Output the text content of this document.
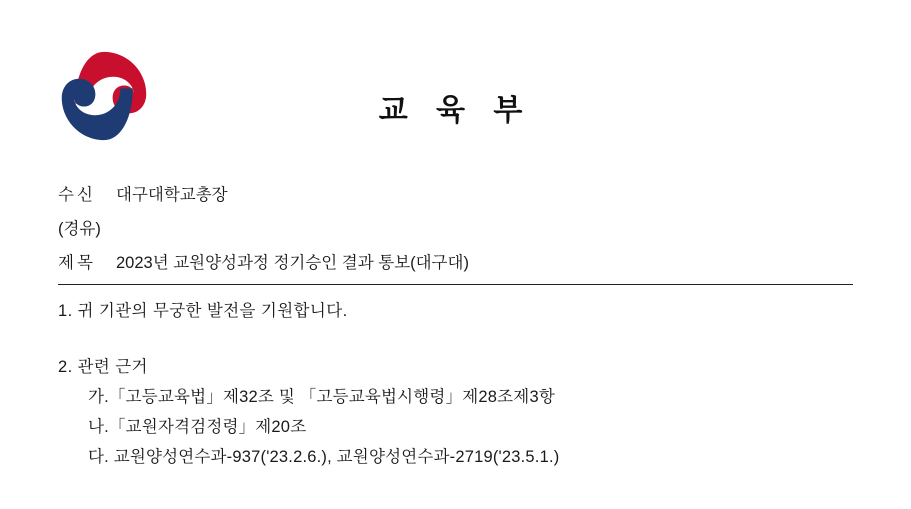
교 육 부
수신	대구대학교총장
(경유)
제목	2023년 교원양성과정 정기승인 결과 통보(대구대)
1. 귀 기관의 무궁한 발전을 기원합니다.
2. 관련 근거
가.「고등교육법」제32조 및 「고등교육법시행령」제28조제3항
나.「교원자격검정령」제20조
다. 교원양성연수과-937('23.2.6.), 교원양성연수과-2719('23.5.1.)
